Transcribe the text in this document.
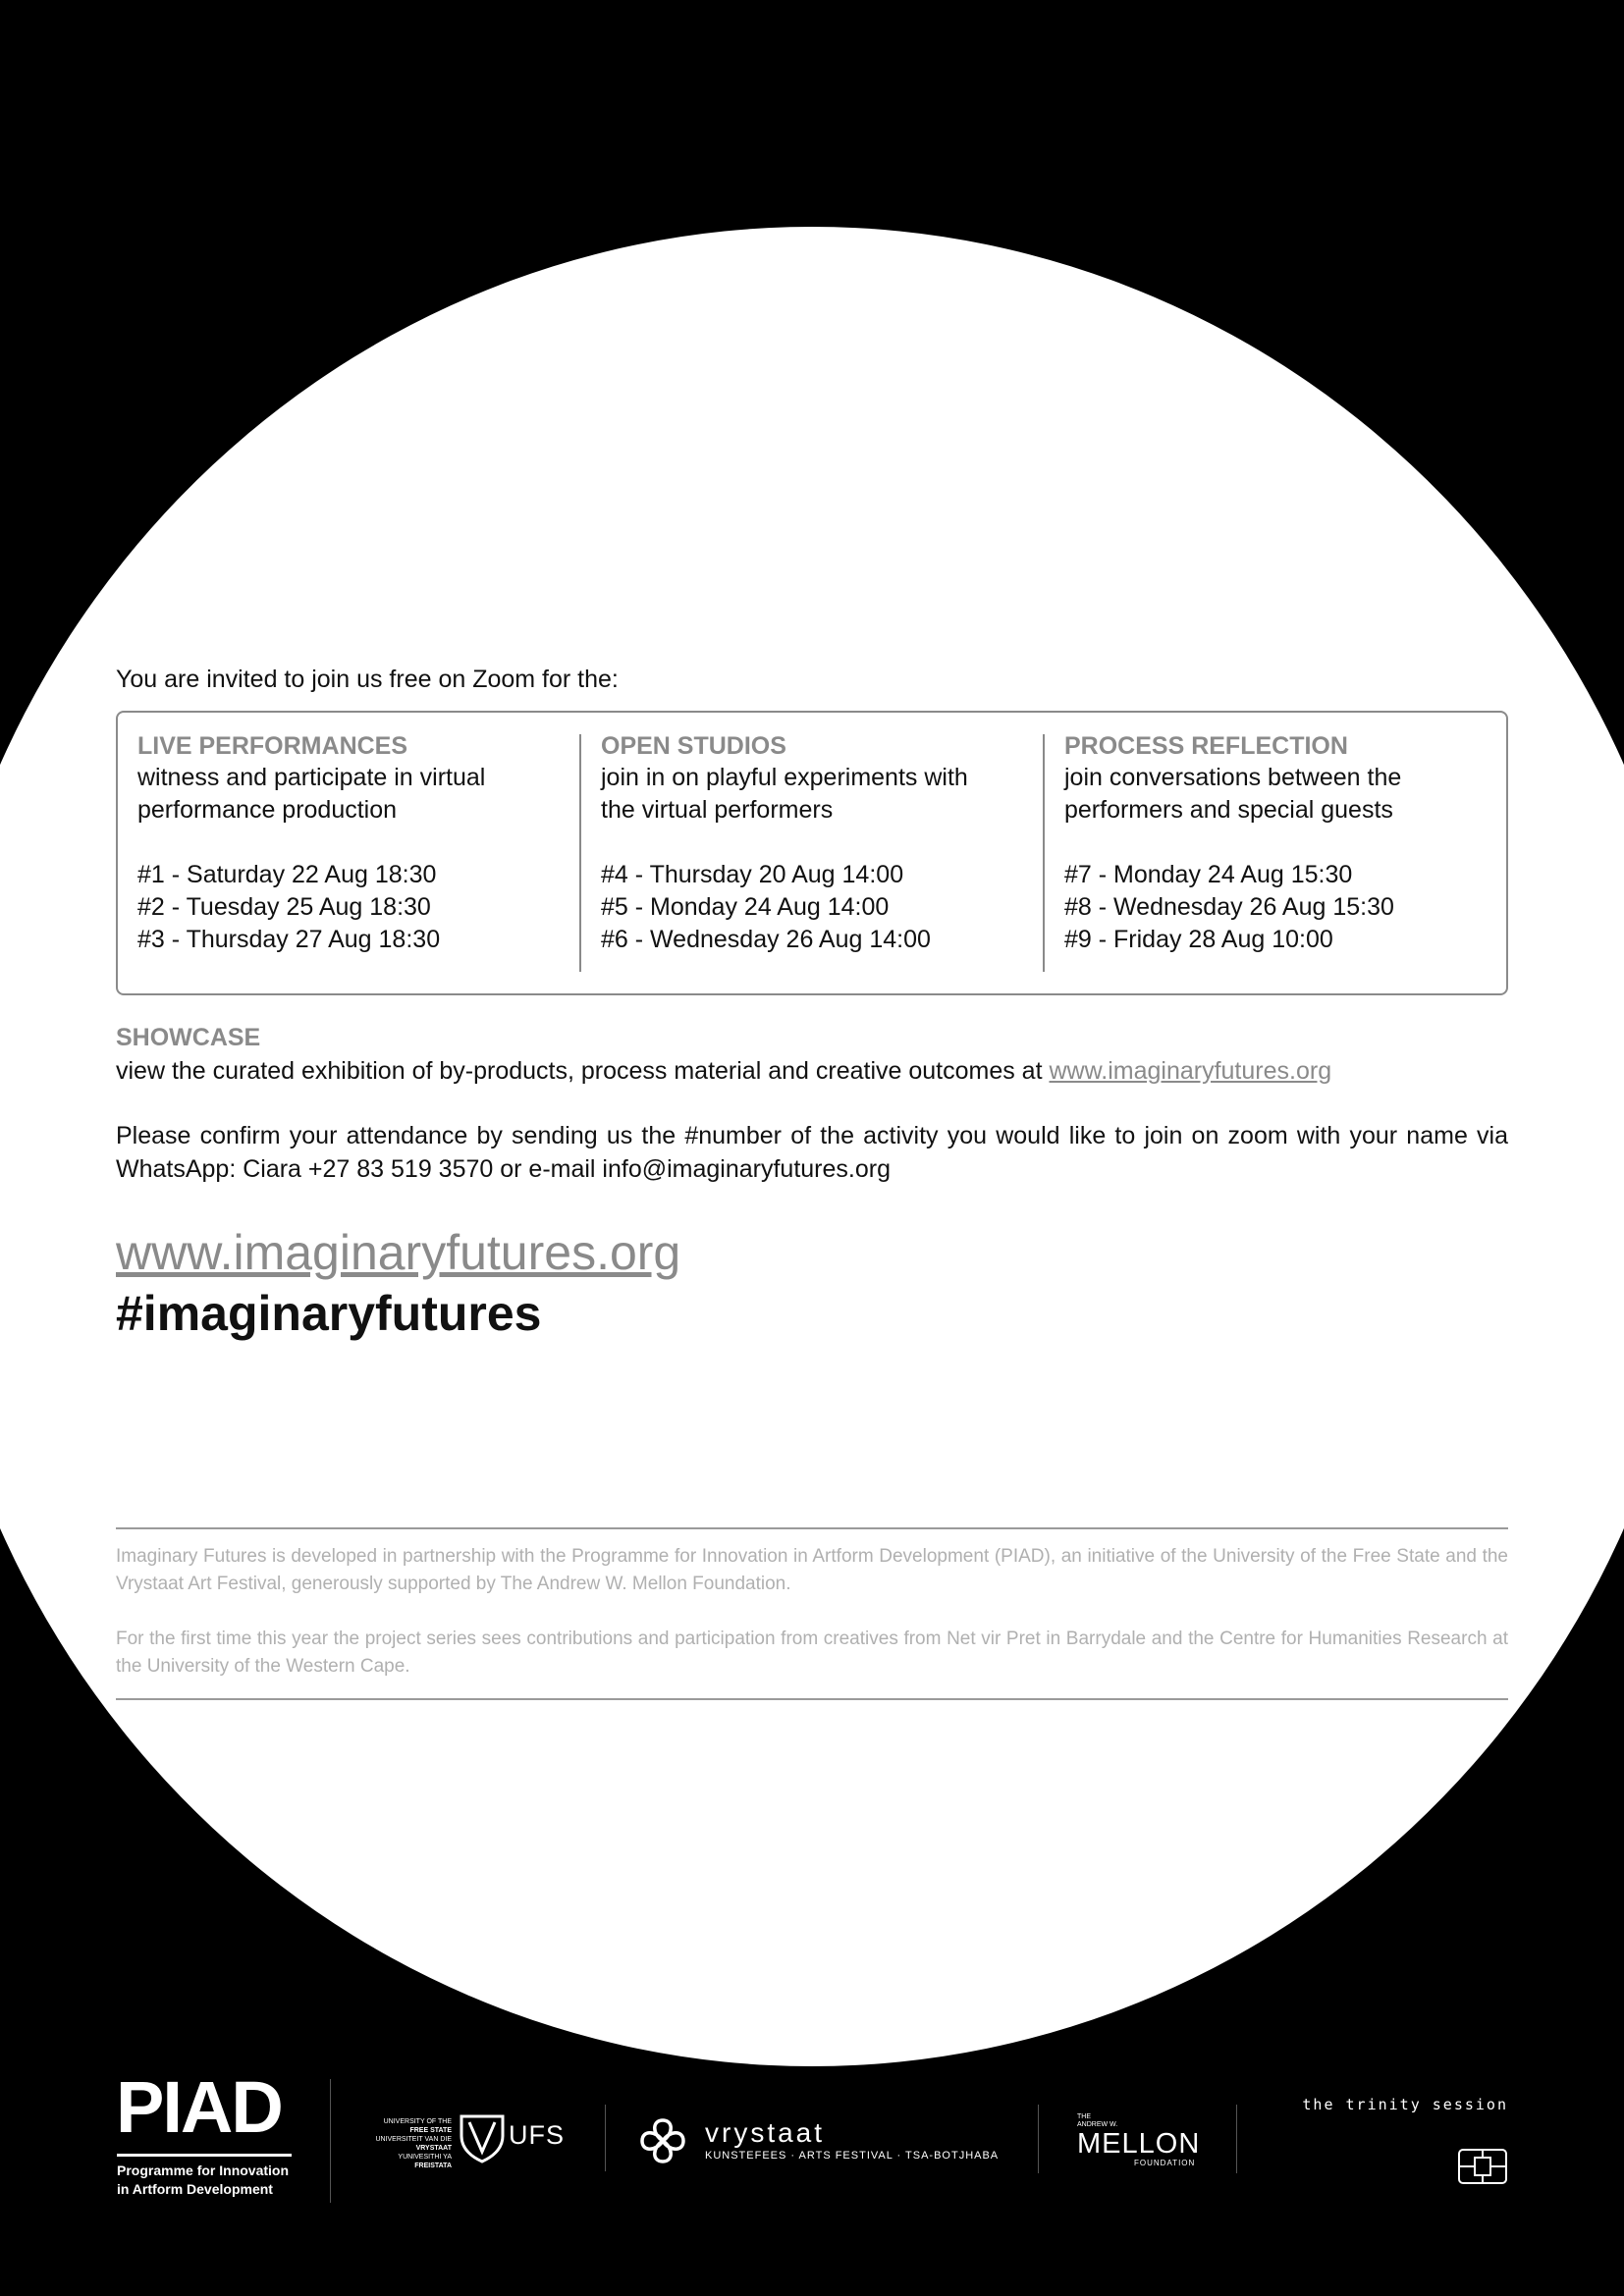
You are invited to join us free on Zoom for the:
LIVE PERFORMANCES
witness and participate in virtual
performance production
#1 - Saturday 22 Aug 18:30
#2 - Tuesday 25 Aug 18:30
#3 - Thursday 27 Aug 18:30
OPEN STUDIOS
join in on playful experiments with
the virtual performers
#4 - Thursday 20 Aug 14:00
#5 - Monday 24 Aug 14:00
#6 - Wednesday 26 Aug 14:00
PROCESS REFLECTION
join conversations between the
performers and special guests
#7 - Monday 24 Aug 15:30
#8 - Wednesday 26 Aug 15:30
#9 - Friday 28 Aug 10:00
SHOWCASE
view the curated exhibition of by-products, process material and creative outcomes at www.imaginaryfutures.org
Please confirm your attendance by sending us the #number of the activity you would like to join on zoom with your name via WhatsApp: Ciara +27 83 519 3570 or e-mail info@imaginaryfutures.org
www.imaginaryfutures.org
#imaginaryfutures
Imaginary Futures is developed in partnership with the Programme for Innovation in Artform Development (PIAD), an initiative of the University of the Free State and the Vrystaat Art Festival, generously supported by The Andrew W. Mellon Foundation.
For the first time this year the project series sees contributions and participation from creatives from Net vir Pret in Barrydale and the Centre for Humanities Research at the University of the Western Cape.
PIAD
Programme for Innovation
in Artform Development
UNIVERSITY OF THE
FREE STATE
UNIVERSITEIT VAN DIE
VRYSTAAT
YUNIVESITHI YA
FREISTATA
UFS	vrystaat
KUNSTEFEES · ARTS FESTIVAL · TSA-BOTJHABA
THE
ANDREW W.
MELLON
FOUNDATION
the trinity session
